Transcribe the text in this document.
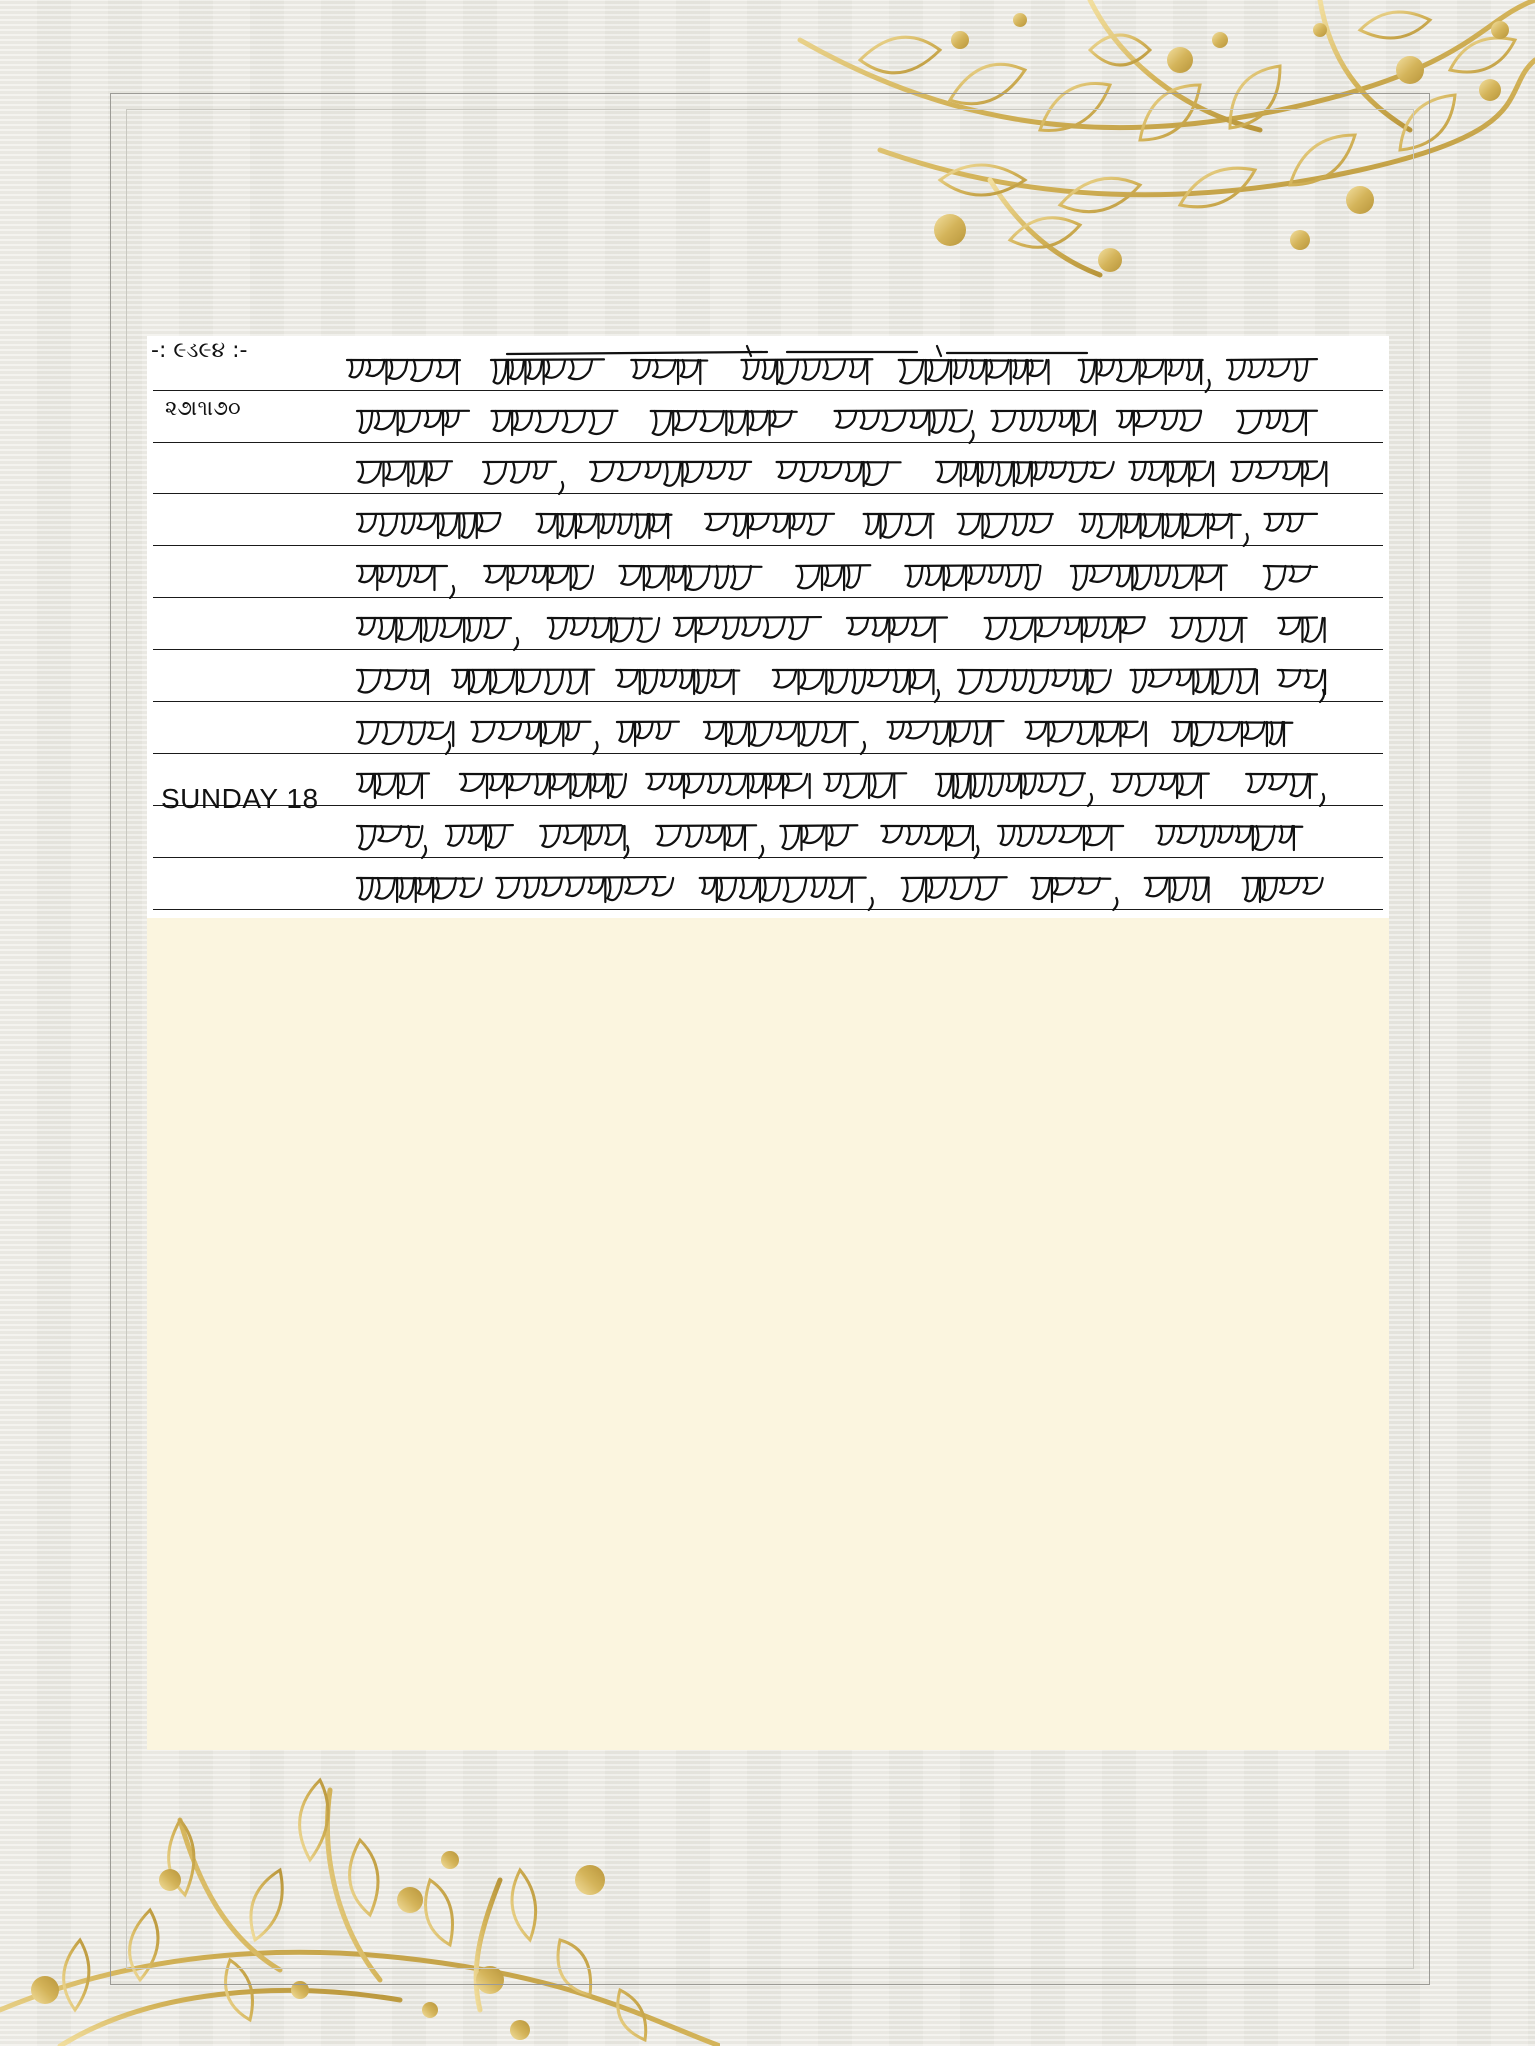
-: ૯ડ૯૪ :-
૨૭।૧।૭૦
SUNDAY 18
